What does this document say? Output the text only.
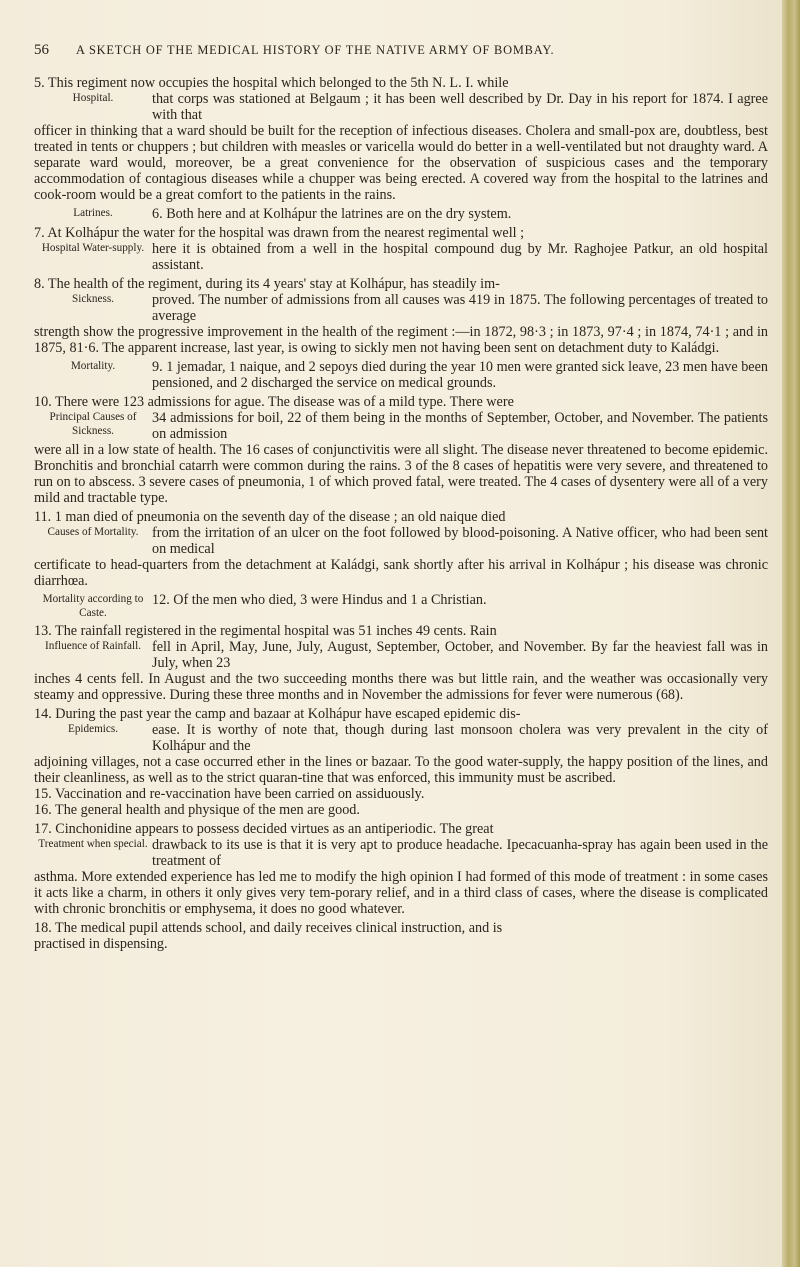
56 A SKETCH OF THE MEDICAL HISTORY OF THE NATIVE ARMY OF BOMBAY.

5. This regiment now occupies the hospital which belonged to the 5th N. L. I. while

Hospital.	that corps was stationed at Belgaum ; it has been well described by Dr. Day in his report for 1874. I agree with that

officer in thinking that a ward should be built for the reception of infectious diseases. Cholera and small-pox are, doubtless, best treated in tents or chuppers ; but children with measles or varicella would do better in a well-ventilated but not draughty ward. A separate ward would, moreover, be a great convenience for the observation of suspicious cases and the temporary accommodation of contagious diseases while a chupper was being erected. A covered way from the hospital to the latrines and cook-room would be a great comfort to the patients in the rains.

Latrines.	6. Both here and at Kolhápur the latrines are on the dry system.

7. At Kolhápur the water for the hospital was drawn from the nearest regimental well ;

Hospital Water-supply. here it is obtained from a well in the hospital compound dug by Mr. Raghojee Patkur, an old hospital assistant.

8. The health of the regiment, during its 4 years' stay at Kolhápur, has steadily im-

Sickness.	proved. The number of admissions from all causes was 419 in 1875. The following percentages of treated to average

strength show the progressive improvement in the health of the regiment :—in 1872, 98·3 ; in 1873, 97·4 ; in 1874, 74·1 ; and in 1875, 81·6. The apparent increase, last year, is owing to sickly men not having been sent on detachment duty to Kaládgi.

Mortality.	9. 1 jemadar, 1 naique, and 2 sepoys died during the year 10 men were granted sick leave, 23 men have been pensioned, and 2 discharged the service on medical grounds.

10. There were 123 admissions for ague. The disease was of a mild type. There were

Principal Causes of Sickness.

34 admissions for boil, 22 of them being in the months of September, October, and November. The patients on admission

were all in a low state of health. The 16 cases of conjunctivitis were all slight. The disease never threatened to become epidemic. Bronchitis and bronchial catarrh were common during the rains. 3 of the 8 cases of hepatitis were very severe, and threatened to run on to abscess. 3 severe cases of pneumonia, 1 of which proved fatal, were treated. The 4 cases of dysentery were all of a very mild and tractable type.

11. 1 man died of pneumonia on the seventh day of the disease ; an old naique died

Causes of Mortality. from the irritation of an ulcer on the foot followed by blood-poisoning. A Native officer, who had been sent on medical

certificate to head-quarters from the detachment at Kaládgi, sank shortly after his arrival in Kolhápur ; his disease was chronic diarrhœa.

Mortality according to Caste.

12. Of the men who died, 3 were Hindus and 1 a Christian.

13. The rainfall registered in the regimental hospital was 51 inches 49 cents. Rain

Influence of Rainfall. fell in April, May, June, July, August, September, October, and November. By far the heaviest fall was in July, when 23

inches 4 cents fell. In August and the two succeeding months there was but little rain, and the weather was occasionally very steamy and oppressive. During these three months and in November the admissions for fever were numerous (68).

14. During the past year the camp and bazaar at Kolhápur have escaped epidemic dis-

Epidemics.	ease. It is worthy of note that, though during last monsoon cholera was very prevalent in the city of Kolhápur and the

adjoining villages, not a case occurred ether in the lines or bazaar. To the good water-supply, the happy position of the lines, and their cleanliness, as well as to the strict quaran-tine that was enforced, this immunity must be ascribed.

15. Vaccination and re-vaccination have been carried on assiduously.

16. The general health and physique of the men are good.

17. Cinchonidine appears to possess decided virtues as an antiperiodic. The great

Treatment when special. drawback to its use is that it is very apt to produce headache. Ipecacuanha-spray has again been used in the treatment of

asthma. More extended experience has led me to modify the high opinion I had formed of this mode of treatment : in some cases it acts like a charm, in others it only gives very tem-porary relief, and in a third class of cases, where the disease is complicated with chronic bronchitis or emphysema, it does no good whatever.

18. The medical pupil attends school, and daily receives clinical instruction, and is

practised in dispensing.
